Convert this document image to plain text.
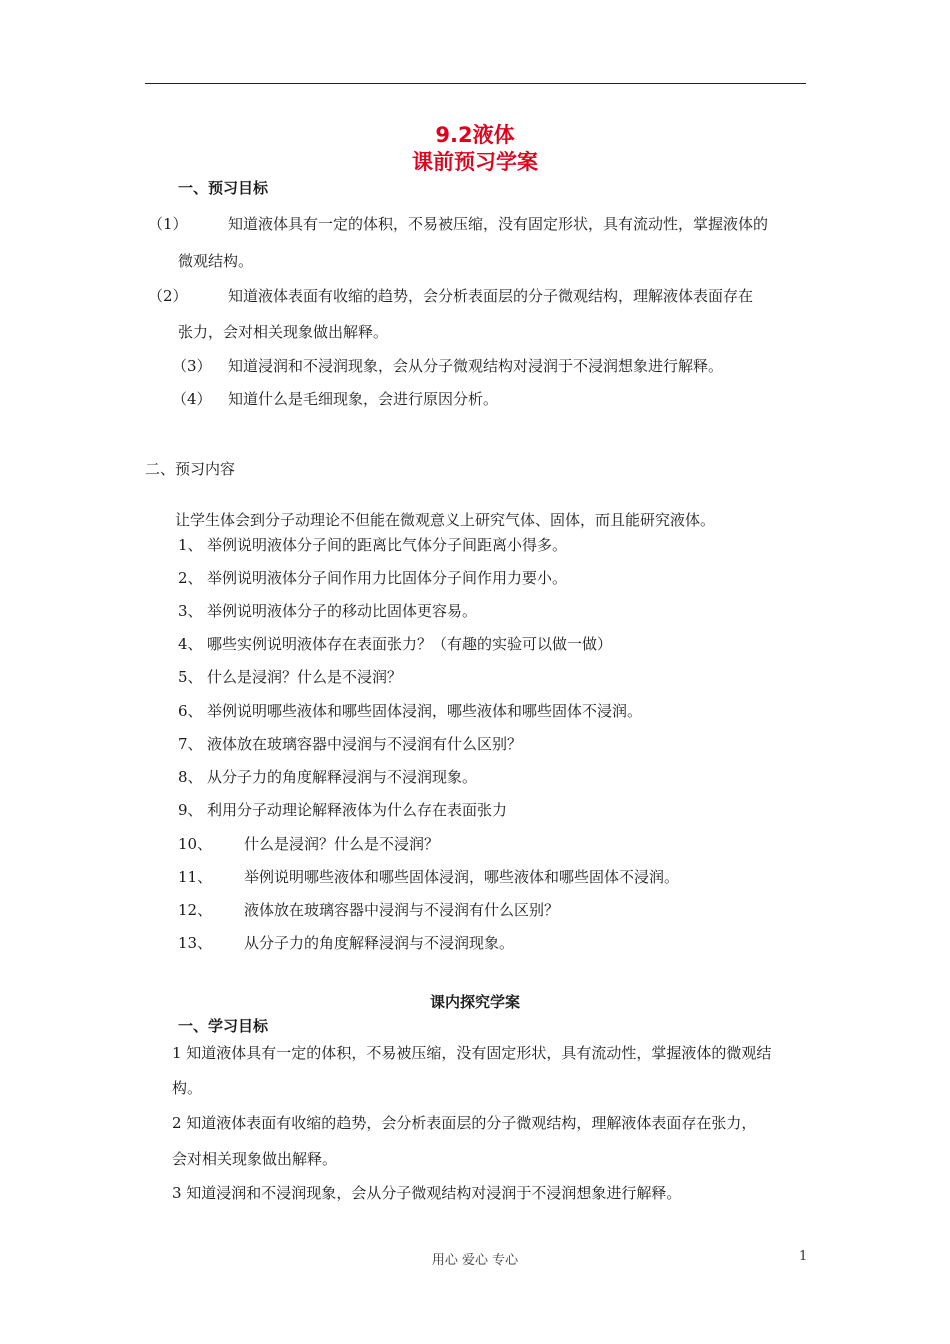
9.2液体
课前预习学案
一、预习目标
（1）	知道液体具有一定的体积，不易被压缩，没有固定形状，具有流动性，掌握液体的
微观结构。
（2）	知道液体表面有收缩的趋势，会分析表面层的分子微观结构，理解液体表面存在
张力，会对相关现象做出解释。
（3） 知道浸润和不浸润现象，会从分子微观结构对浸润于不浸润想象进行解释。
（4） 知道什么是毛细现象，会进行原因分析。
二、预习内容
让学生体会到分子动理论不但能在微观意义上研究气体、固体，而且能研究液体。
1、 举例说明液体分子间的距离比气体分子间距离小得多。
2、 举例说明液体分子间作用力比固体分子间作用力要小。
3、 举例说明液体分子的移动比固体更容易。
4、 哪些实例说明液体存在表面张力？（有趣的实验可以做一做）
5、 什么是浸润？什么是不浸润？
6、 举例说明哪些液体和哪些固体浸润，哪些液体和哪些固体不浸润。
7、 液体放在玻璃容器中浸润与不浸润有什么区别？
8、 从分子力的角度解释浸润与不浸润现象。
9、 利用分子动理论解释液体为什么存在表面张力
10、 什么是浸润？什么是不浸润？
11、 举例说明哪些液体和哪些固体浸润，哪些液体和哪些固体不浸润。
12、 液体放在玻璃容器中浸润与不浸润有什么区别？
13、 从分子力的角度解释浸润与不浸润现象。
课内探究学案
一、学习目标
1 知道液体具有一定的体积，不易被压缩，没有固定形状，具有流动性，掌握液体的微观结
构。
2 知道液体表面有收缩的趋势，会分析表面层的分子微观结构，理解液体表面存在张力，
会对相关现象做出解释。
3 知道浸润和不浸润现象，会从分子微观结构对浸润于不浸润想象进行解释。
用心 爱心 专心	1
